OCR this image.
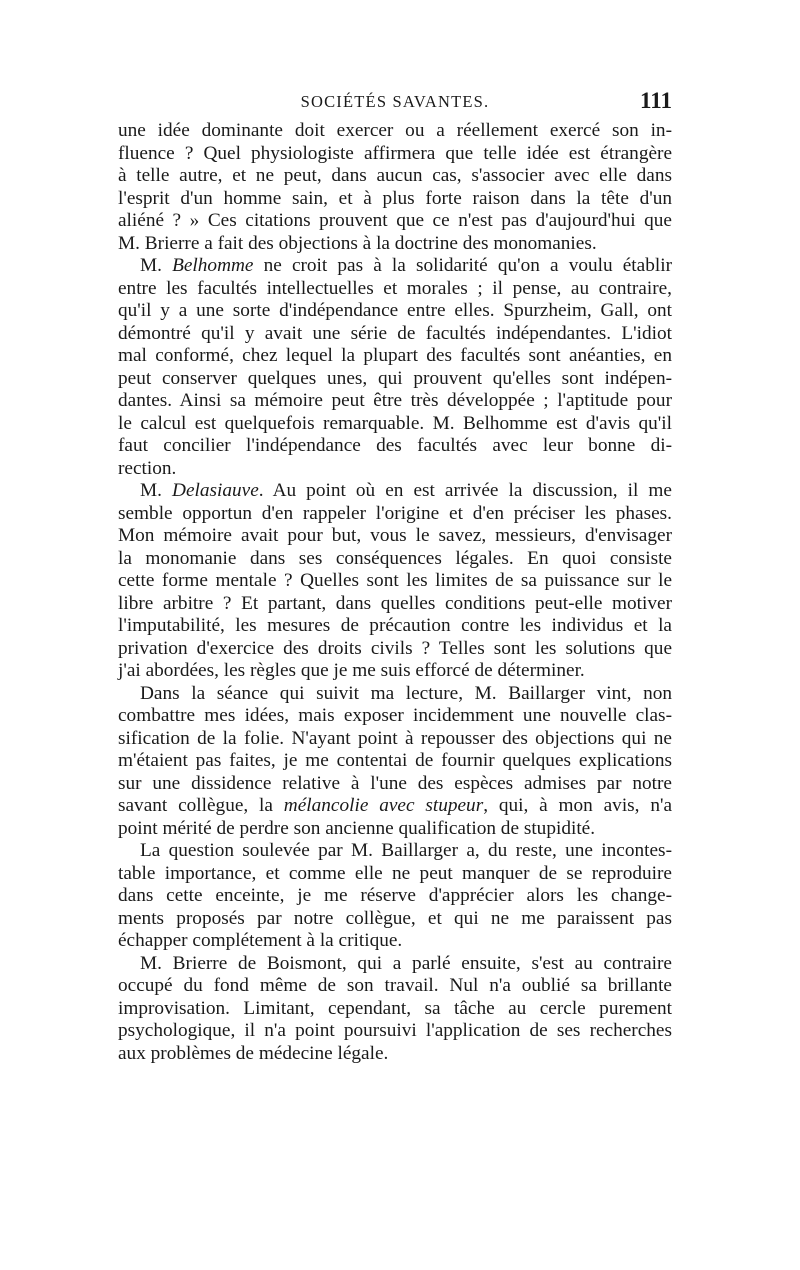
SOCIÉTÉS SAVANTES.	111

une idée dominante doit exercer ou a réellement exercé son in-

fluence ? Quel physiologiste affirmera que telle idée est étrangère

à telle autre, et ne peut, dans aucun cas, s'associer avec elle dans

l'esprit d'un homme sain, et à plus forte raison dans la tête d'un

aliéné ? » Ces citations prouvent que ce n'est pas d'aujourd'hui que

M. Brierre a fait des objections à la doctrine des monomanies.

M. Belhomme ne croit pas à la solidarité qu'on a voulu établir

entre les facultés intellectuelles et morales ; il pense, au contraire,

qu'il y a une sorte d'indépendance entre elles. Spurzheim, Gall, ont

démontré qu'il y avait une série de facultés indépendantes. L'idiot

mal conformé, chez lequel la plupart des facultés sont anéanties, en

peut conserver quelques unes, qui prouvent qu'elles sont indépen-

dantes. Ainsi sa mémoire peut être très développée ; l'aptitude pour

le calcul est quelquefois remarquable. M. Belhomme est d'avis qu'il

faut concilier l'indépendance des facultés avec leur bonne di-

rection.

M. Delasiauve. Au point où en est arrivée la discussion, il me

semble opportun d'en rappeler l'origine et d'en préciser les phases.

Mon mémoire avait pour but, vous le savez, messieurs, d'envisager

la monomanie dans ses conséquences légales. En quoi consiste

cette forme mentale ? Quelles sont les limites de sa puissance sur le

libre arbitre ? Et partant, dans quelles conditions peut-elle motiver

l'imputabilité, les mesures de précaution contre les individus et la

privation d'exercice des droits civils ? Telles sont les solutions que

j'ai abordées, les règles que je me suis efforcé de déterminer.

Dans la séance qui suivit ma lecture, M. Baillarger vint, non

combattre mes idées, mais exposer incidemment une nouvelle clas-

sification de la folie. N'ayant point à repousser des objections qui ne

m'étaient pas faites, je me contentai de fournir quelques explications

sur une dissidence relative à l'une des espèces admises par notre

savant collègue, la mélancolie avec stupeur, qui, à mon avis, n'a

point mérité de perdre son ancienne qualification de stupidité.

La question soulevée par M. Baillarger a, du reste, une incontes-

table importance, et comme elle ne peut manquer de se reproduire

dans cette enceinte, je me réserve d'apprécier alors les change-

ments proposés par notre collègue, et qui ne me paraissent pas

échapper complétement à la critique.

M. Brierre de Boismont, qui a parlé ensuite, s'est au contraire

occupé du fond même de son travail. Nul n'a oublié sa brillante

improvisation. Limitant, cependant, sa tâche au cercle purement

psychologique, il n'a point poursuivi l'application de ses recherches

aux problèmes de médecine légale.
